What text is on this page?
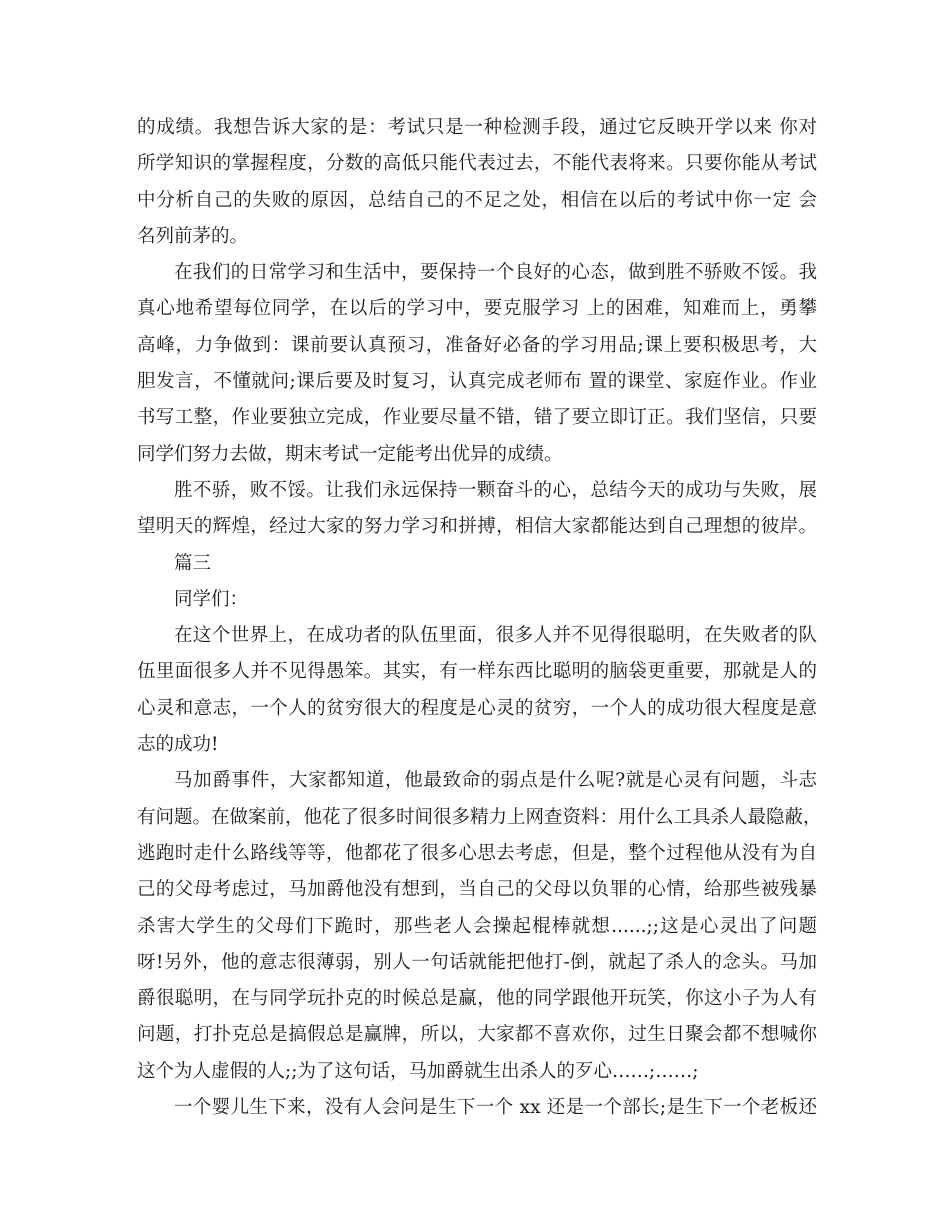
的成绩。我想告诉大家的是：考试只是一种检测手段，通过它反映开学以来 你对
所学知识的掌握程度，分数的高低只能代表过去，不能代表将来。只要你能从考试
中分析自己的失败的原因，总结自己的不足之处，相信在以后的考试中你一定 会
名列前茅的。
在我们的日常学习和生活中，要保持一个良好的心态，做到胜不骄败不馁。我
真心地希望每位同学，在以后的学习中，要克服学习 上的困难，知难而上，勇攀
高峰，力争做到：课前要认真预习，准备好必备的学习用品;课上要积极思考，大
胆发言，不懂就问;课后要及时复习，认真完成老师布 置的课堂、家庭作业。作业
书写工整，作业要独立完成，作业要尽量不错，错了要立即订正。我们坚信，只要
同学们努力去做，期末考试一定能考出优异的成绩。
胜不骄，败不馁。让我们永远保持一颗奋斗的心，总结今天的成功与失败，展
望明天的辉煌，经过大家的努力学习和拼搏，相信大家都能达到自己理想的彼岸。
篇三
同学们：
在这个世界上，在成功者的队伍里面，很多人并不见得很聪明，在失败者的队
伍里面很多人并不见得愚笨。其实，有一样东西比聪明的脑袋更重要，那就是人的
心灵和意志，一个人的贫穷很大的程度是心灵的贫穷，一个人的成功很大程度是意
志的成功!
马加爵事件，大家都知道，他最致命的弱点是什么呢?就是心灵有问题，斗志
有问题。在做案前，他花了很多时间很多精力上网查资料：用什么工具杀人最隐蔽，
逃跑时走什么路线等等，他都花了很多心思去考虑，但是，整个过程他从没有为自
己的父母考虑过，马加爵他没有想到，当自己的父母以负罪的心情，给那些被残暴
杀害大学生的父母们下跪时，那些老人会操起棍棒就想......;;这是心灵出了问题
呀!另外，他的意志很薄弱，别人一句话就能把他打-倒，就起了杀人的念头。马加
爵很聪明，在与同学玩扑克的时候总是赢，他的同学跟他开玩笑，你这小子为人有
问题，打扑克总是搞假总是赢牌，所以，大家都不喜欢你，过生日聚会都不想喊你
这个为人虚假的人;;为了这句话，马加爵就生出杀人的歹心……;……;
一个婴儿生下来，没有人会问是生下一个 xx 还是一个部长;是生下一个老板还
